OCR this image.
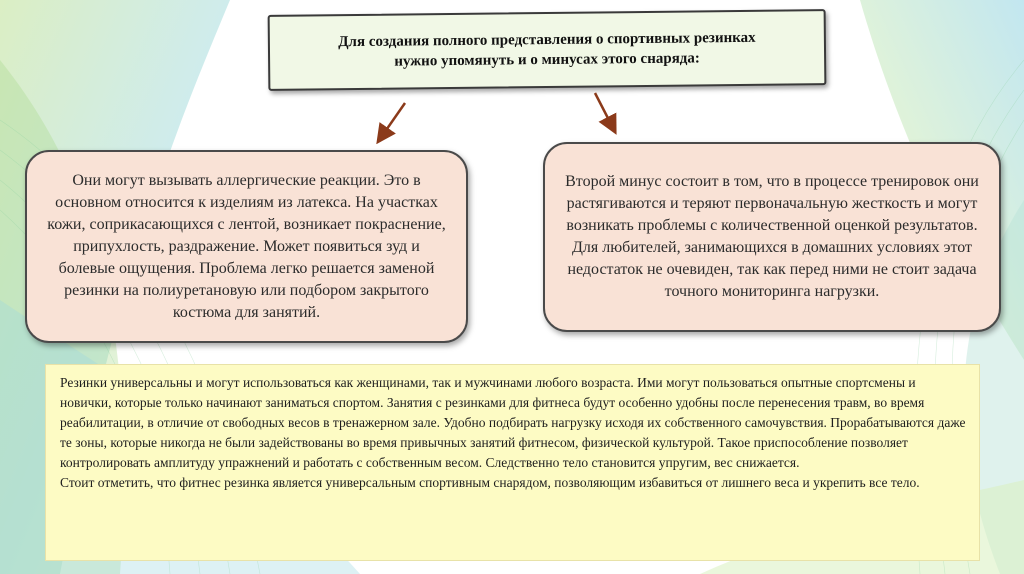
Для создания полного представления о спортивных резинках
нужно упомянуть и о минусах этого снаряда:
Они могут вызывать аллергические реакции. Это в основном относится к изделиям из латекса. На участках кожи, соприкасающихся с лентой, возникает покраснение, припухлость, раздражение. Может появиться зуд и болевые ощущения. Проблема легко решается заменой резинки на полиуретановую или подбором закрытого костюма для занятий.
Второй минус состоит в том, что в процессе тренировок они растягиваются и теряют первоначальную жесткость и могут возникать проблемы с количественной оценкой результатов. Для любителей, занимающихся в домашних условиях этот недостаток не очевиден, так как перед ними не стоит задача точного мониторинга нагрузки.

Резинки универсальны и могут использоваться как женщинами, так и мужчинами любого возраста. Ими могут пользоваться опытные спортсмены и новички, которые только начинают заниматься спортом. Занятия с резинками для фитнеса будут особенно удобны после перенесения травм, во время реабилитации, в отличие от свободных весов в тренажерном зале. Удобно подбирать нагрузку исходя их собственного самочувствия. Прорабатываются даже те зоны, которые никогда не были задействованы во время привычных занятий фитнесом, физической культурой. Такое приспособление позволяет контролировать амплитуду упражнений и работать с собственным весом. Следственно тело становится упругим, вес снижается.

Стоит отметить, что фитнес резинка является универсальным спортивным снарядом, позволяющим избавиться от лишнего веса и укрепить все тело.
